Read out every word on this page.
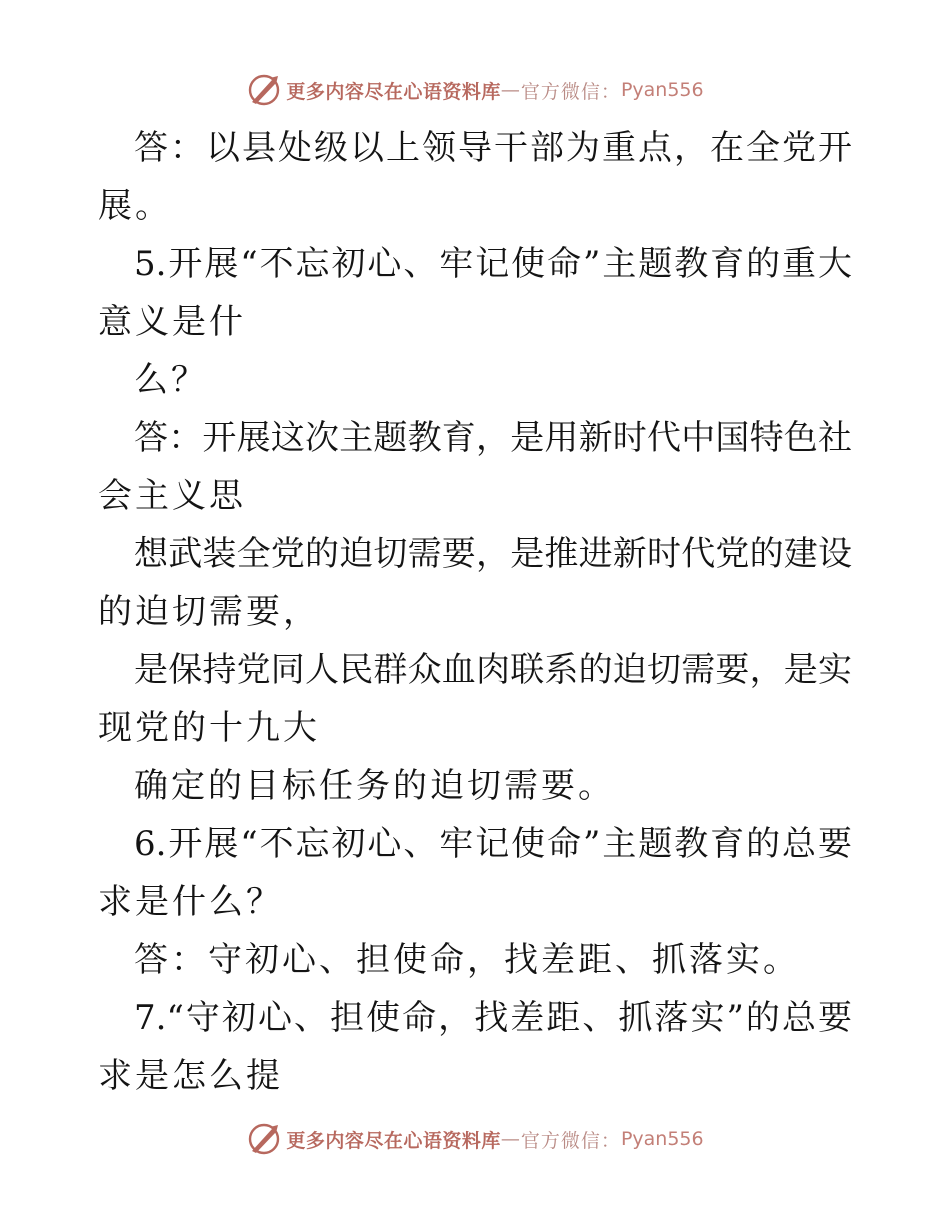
更多内容尽在心语资料库 — 官方微信： Pyan556
答：以县处级以上领导干部为重点，在全党开
展。
5.开展“不忘初心、牢记使命”主题教育的重大
意义是什
么？
答：开展这次主题教育，是用新时代中国特色社
会主义思
想武装全党的迫切需要，是推进新时代党的建设
的迫切需要，
是保持党同人民群众血肉联系的迫切需要，是实
现党的十九大
确定的目标任务的迫切需要。
6.开展“不忘初心、牢记使命”主题教育的总要
求是什么？
答：守初心、担使命，找差距、抓落实。
7.“守初心、担使命，找差距、抓落实”的总要
求是怎么提
更多内容尽在心语资料库 — 官方微信： Pyan556
